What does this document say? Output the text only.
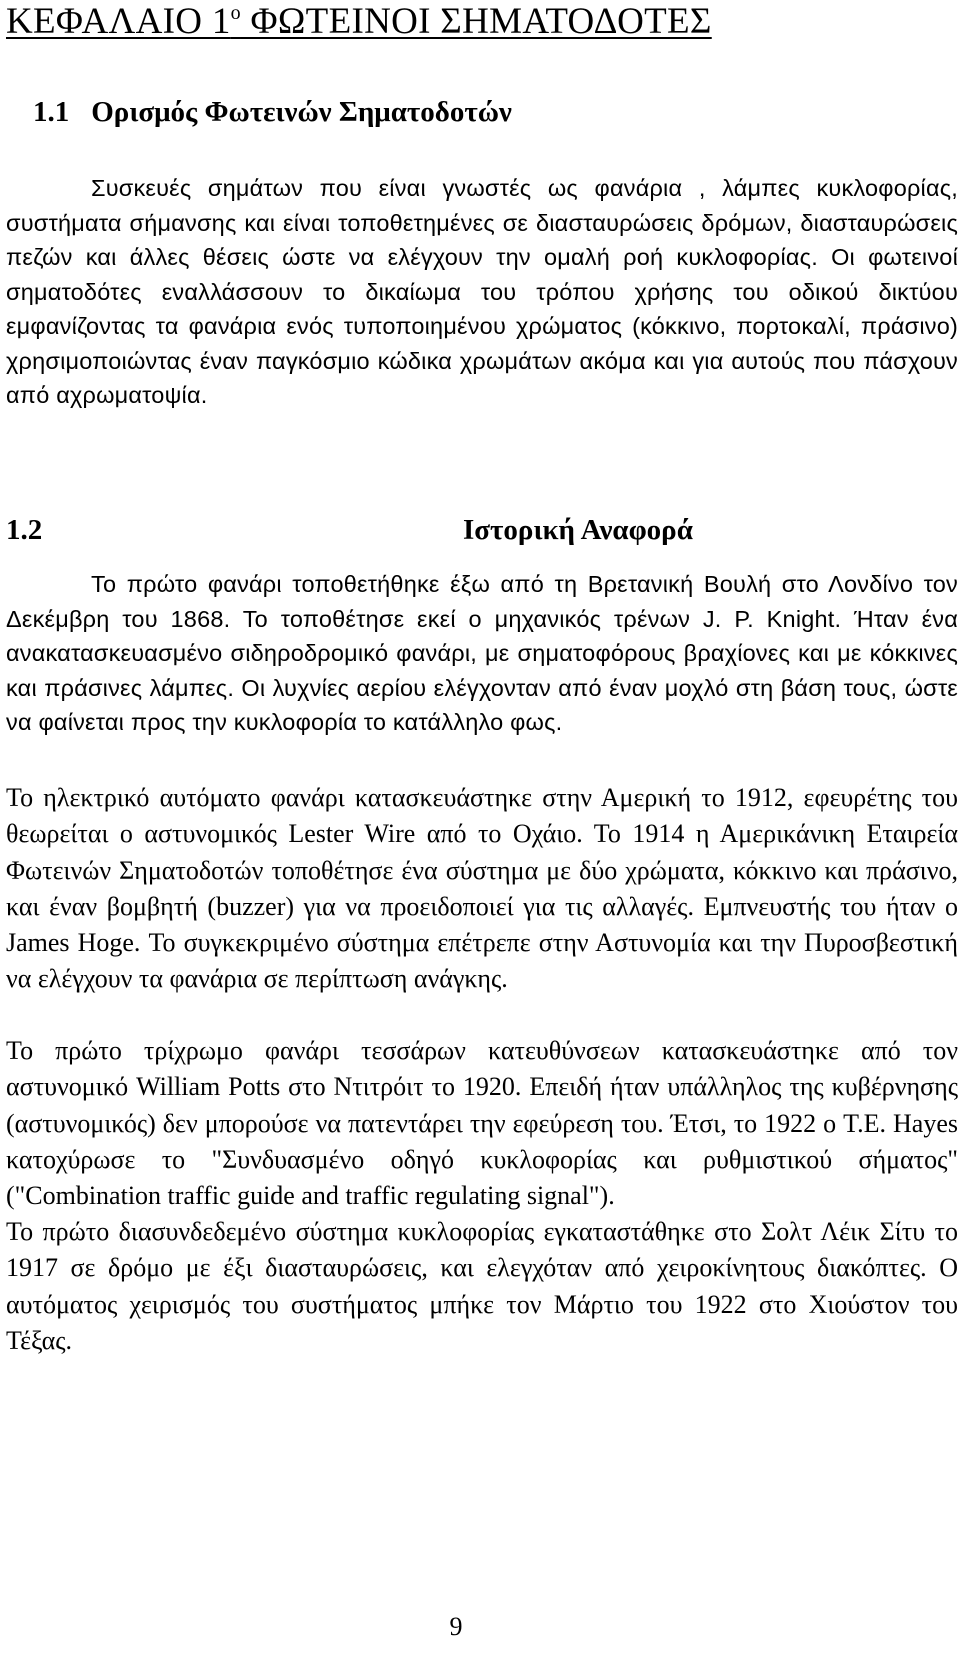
ΚΕΦΑΛΑΙΟ $1^o$ ΦΩΤΕΙΝΟΙ ΣΗΜΑΤΟΔΟΤΕΣ
1.1 Ορισμός Φωτεινών Σηματοδοτών

Συσκευές σημάτων που είναι γνωστές ως φανάρια , λάμπες κυκλοφορίας, συστήματα σήμανσης και είναι τοποθετημένες σε διασταυρώσεις δρόμων, διασταυρώσεις πεζών και άλλες θέσεις ώστε να ελέγχουν την ομαλή ροή κυκλοφορίας. Οι φωτεινοί σηματοδότες εναλλάσσουν το δικαίωμα του τρόπου χρήσης του οδικού δικτύου εμφανίζοντας τα φανάρια ενός τυποποιημένου χρώματος (κόκκινο, πορτοκαλί, πράσινο) χρησιμοποιώντας έναν παγκόσμιο κώδικα χρωμάτων ακόμα και για αυτούς που πάσχουν από αχρωματοψία.

1.2	Ιστορική Αναφορά

Το πρώτο φανάρι τοποθετήθηκε έξω από τη Βρετανική Βουλή στο Λονδίνο τον Δεκέμβρη του 1868. Το τοποθέτησε εκεί ο μηχανικός τρένων J. P. Knight. Ήταν ένα ανακατασκευασμένο σιδηροδρομικό φανάρι, με σηματοφόρους βραχίονες και με κόκκινες και πράσινες λάμπες. Οι λυχνίες αερίου ελέγχονταν από έναν μοχλό στη βάση τους, ώστε να φαίνεται προς την κυκλοφορία το κατάλληλο φως.

Το ηλεκτρικό αυτόματο φανάρι κατασκευάστηκε στην Αμερική το 1912, εφευρέτης του θεωρείται ο αστυνομικός Lester Wire από το Οχάιο. Το 1914 η Αμερικάνικη Εταιρεία Φωτεινών Σηματοδοτών τοποθέτησε ένα σύστημα με δύο χρώματα, κόκκινο και πράσινο, και έναν βομβητή (buzzer) για να προειδοποιεί για τις αλλαγές. Εμπνευστής του ήταν ο James Hoge. Το συγκεκριμένο σύστημα επέτρεπε στην Αστυνομία και την Πυροσβεστική να ελέγχουν τα φανάρια σε περίπτωση ανάγκης.

Το πρώτο τρίχρωμο φανάρι τεσσάρων κατευθύνσεων κατασκευάστηκε από τον αστυνομικό William Potts στο Ντιτρόιτ το 1920. Επειδή ήταν υπάλληλος της κυβέρνησης (αστυνομικός) δεν μπορούσε να πατεντάρει την εφεύρεση του. Έτσι, το 1922 ο T.E. Hayes κατοχύρωσε το "Συνδυασμένο οδηγό κυκλοφορίας και ρυθμιστικού σήματος" ("Combination traffic guide and traffic regulating signal").

Το πρώτο διασυνδεδεμένο σύστημα κυκλοφορίας εγκαταστάθηκε στο Σολτ Λέικ Σίτυ το 1917 σε δρόμο με έξι διασταυρώσεις, και ελεγχόταν από χειροκίνητους διακόπτες. Ο αυτόματος χειρισμός του συστήματος μπήκε τον Μάρτιο του 1922 στο Χιούστον του Τέξας.

9
